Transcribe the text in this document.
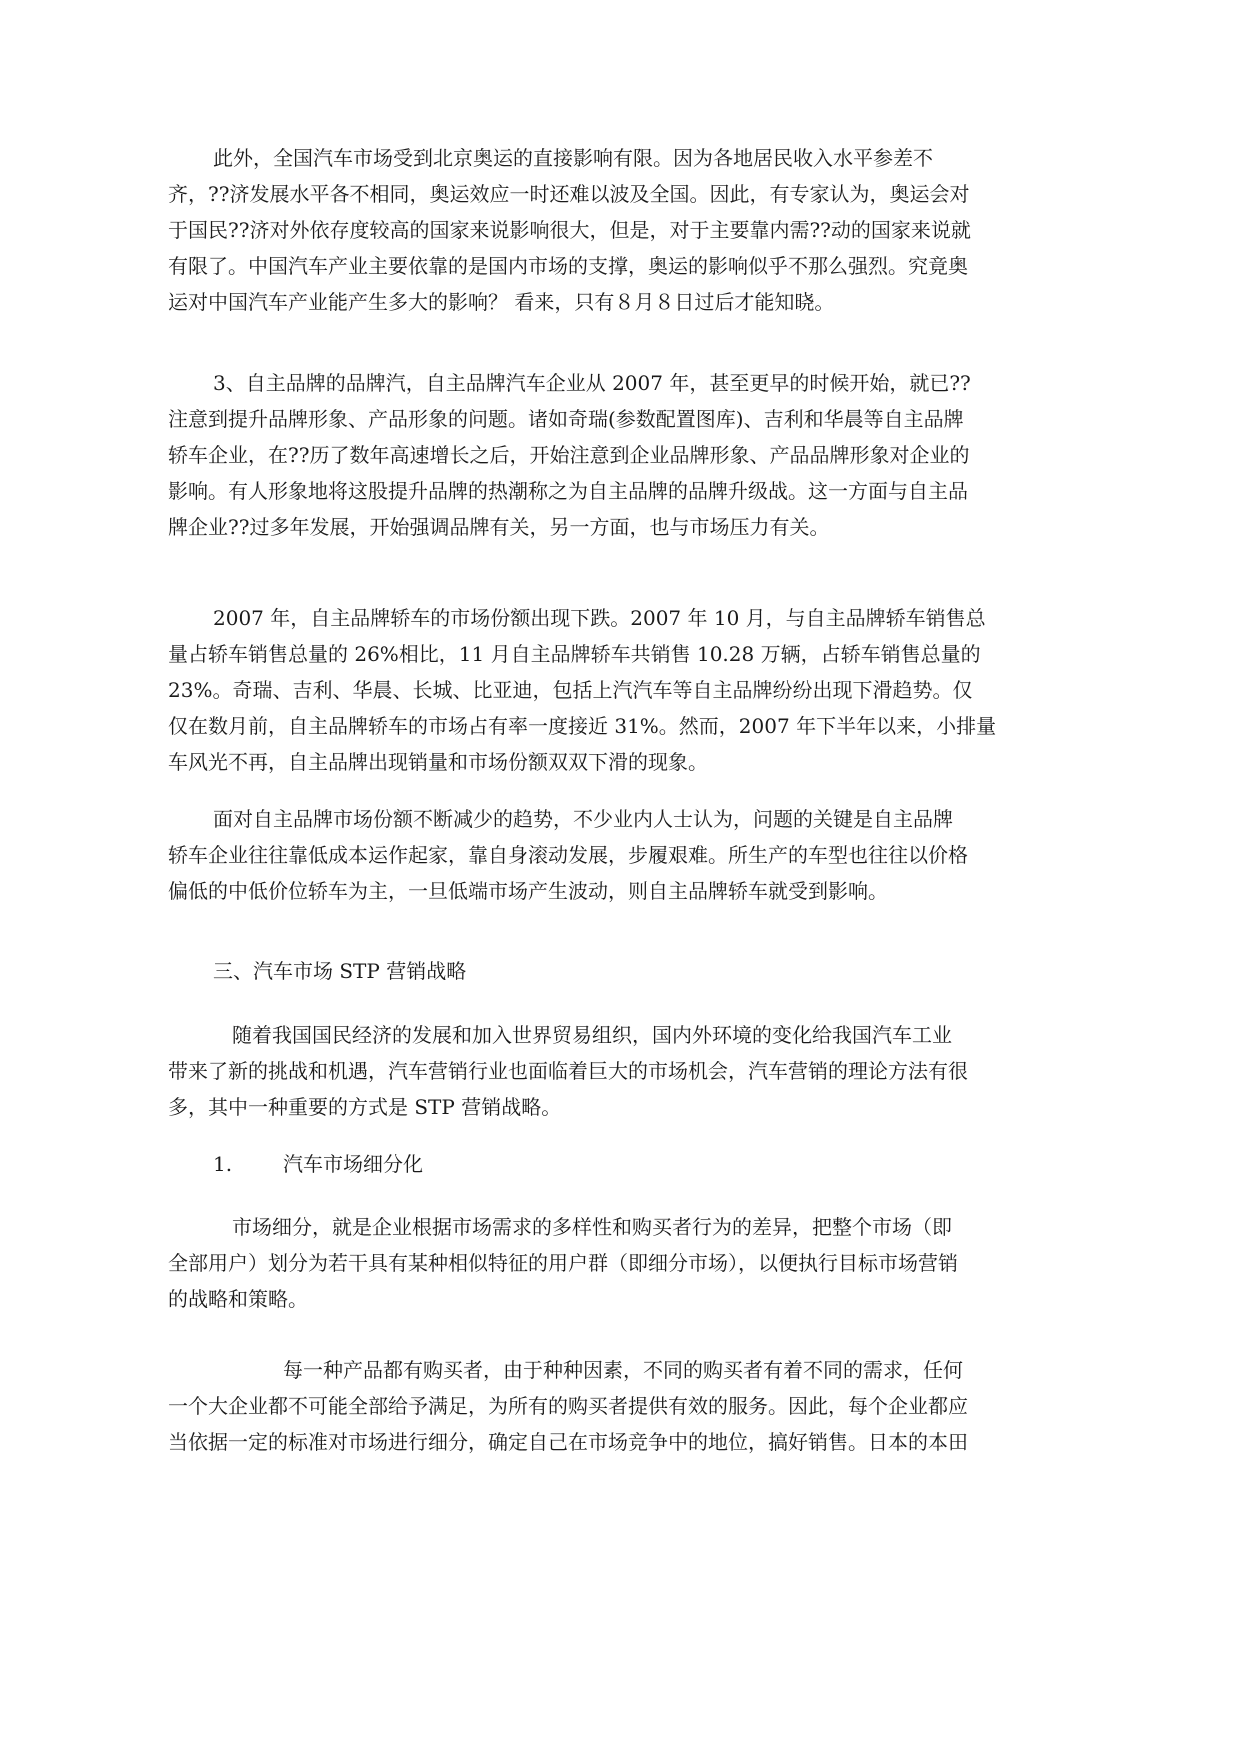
此外，全国汽车市场受到北京奥运的直接影响有限。因为各地居民收入水平参差不

齐，??济发展水平各不相同，奥运效应一时还难以波及全国。因此，有专家认为，奥运会对

于国民??济对外依存度较高的国家来说影响很大，但是，对于主要靠内需??动的国家来说就

有限了。中国汽车产业主要依靠的是国内市场的支撑，奥运的影响似乎不那么强烈。究竟奥

运对中国汽车产业能产生多大的影响？ 看来，只有８月８日过后才能知晓。

3、自主品牌的品牌汽，自主品牌汽车企业从 2007 年，甚至更早的时候开始，就已??

注意到提升品牌形象、产品形象的问题。诸如奇瑞(参数配置图库)、吉利和华晨等自主品牌

轿车企业，在??历了数年高速增长之后，开始注意到企业品牌形象、产品品牌形象对企业的

影响。有人形象地将这股提升品牌的热潮称之为自主品牌的品牌升级战。这一方面与自主品

牌企业??过多年发展，开始强调品牌有关，另一方面，也与市场压力有关。

2007 年，自主品牌轿车的市场份额出现下跌。2007 年 10 月，与自主品牌轿车销售总

量占轿车销售总量的 26%相比，11 月自主品牌轿车共销售 10.28 万辆，占轿车销售总量的

23%。奇瑞、吉利、华晨、长城、比亚迪，包括上汽汽车等自主品牌纷纷出现下滑趋势。仅

仅在数月前，自主品牌轿车的市场占有率一度接近 31%。然而，2007 年下半年以来，小排量

车风光不再，自主品牌出现销量和市场份额双双下滑的现象。

面对自主品牌市场份额不断减少的趋势，不少业内人士认为，问题的关键是自主品牌

轿车企业往往靠低成本运作起家，靠自身滚动发展，步履艰难。所生产的车型也往往以价格

偏低的中低价位轿车为主，一旦低端市场产生波动，则自主品牌轿车就受到影响。

三、汽车市场 STP 营销战略

随着我国国民经济的发展和加入世界贸易组织，国内外环境的变化给我国汽车工业

带来了新的挑战和机遇，汽车营销行业也面临着巨大的市场机会，汽车营销的理论方法有很

多，其中一种重要的方式是 STP 营销战略。

1.	汽车市场细分化

市场细分，就是企业根据市场需求的多样性和购买者行为的差异，把整个市场（即

全部用户）划分为若干具有某种相似特征的用户群（即细分市场），以便执行目标市场营销

的战略和策略。

每一种产品都有购买者，由于种种因素，不同的购买者有着不同的需求，任何

一个大企业都不可能全部给予满足，为所有的购买者提供有效的服务。因此，每个企业都应

当依据一定的标准对市场进行细分，确定自己在市场竞争中的地位，搞好销售。日本的本田
